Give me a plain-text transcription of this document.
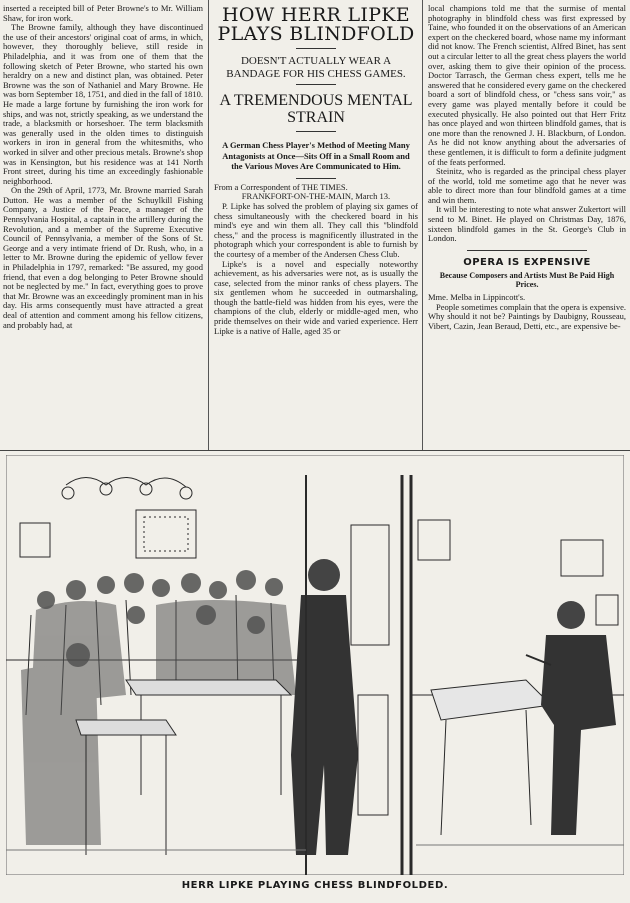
inserted a receipted bill of Peter Browne's to Mr. William Shaw, for iron work.

The Browne family, although they have discontinued the use of their ancestors' original coat of arms, in which, however, they thoroughly believe, still reside in Philadelphia, and it was from one of them that the following sketch of Peter Browne, who started his own heraldry on a new and distinct plan, was obtained. Peter Browne was the son of Nathaniel and Mary Browne. He was born September 18, 1751, and died in the fall of 1810. He made a large fortune by furnishing the iron work for ships, and was not, strictly speaking, as we understand the trade, a blacksmith or horseshoer. The term blacksmith was generally used in the olden times to distinguish workers in iron in general from the whitesmiths, who worked in silver and other precious metals. Browne's shop was in Kensington, but his residence was at 141 North Front street, during his time an exceedingly fashionable neighborhood.

On the 29th of April, 1773, Mr. Browne married Sarah Dutton. He was a member of the Schuylkill Fishing Company, a Justice of the Peace, a manager of the Pennsylvania Hospital, a captain in the artillery during the Revolution, and a member of the Supreme Executive Council of Pennsylvania, a member of the Sons of St. George and a very intimate friend of Dr. Rush, who, in a letter to Mr. Browne during the epidemic of yellow fever in Philadelphia in 1797, remarked: "Be assured, my good friend, that even a dog belonging to Peter Browne should not be neglected by me." In fact, everything goes to prove that Mr. Browne was an exceedingly prominent man in his day. His arms consequently must have attracted a great deal of attention and comment among his fellow citizens, and probably had, at

HOW HERR LIPKE PLAYS BLINDFOLD
DOESN'T ACTUALLY WEAR A BANDAGE FOR HIS CHESS GAMES.
A TREMENDOUS MENTAL STRAIN
A German Chess Player's Method of Meeting Many Antagonists at Once—Sits Off in a Small Room and the Various Moves Are Communicated to Him.

From a Correspondent of THE TIMES.

FRANKFORT-ON-THE-MAIN, March 13.

P. Lipke has solved the problem of playing six games of chess simultaneously with the checkered board in his mind's eye and win them all. They call this "blindfold chess," and the process is magnificently illustrated in the photograph which your correspondent is able to furnish by the courtesy of a member of the Andersen Chess Club.

Lipke's is a novel and especially noteworthy achievement, as his adversaries were not, as is usually the case, selected from the minor ranks of chess players. The six gentlemen whom he succeeded in outmarshaling, though the battle-field was hidden from his eyes, were the champions of the club, elderly or middle-aged men, who pride themselves on their wide and varied experience. Herr Lipke is a native of Halle, aged 35 or

local champions told me that the surmise of mental photography in blindfold chess was first expressed by Taine, who founded it on the observations of an American expert on the checkered board, whose name my informant did not know. The French scientist, Alfred Binet, has sent out a circular letter to all the great chess players the world over, asking them to give their opinion of the process. Doctor Tarrasch, the German chess expert, tells me he answered that he considered every game on the checkered board a sort of blindfold chess, or "chess sans voir," as every game was played mentally before it could be executed physically. He also pointed out that Herr Fritz has once played and won thirteen blindfold games, that is one more than the renowned J. H. Blackburn, of London. As he did not know anything about the adversaries of these gentlemen, it is difficult to form a definite judgment of the feats performed.

Steinitz, who is regarded as the principal chess player of the world, told me sometime ago that he never was able to direct more than four blindfold games at a time and win them.

It will be interesting to note what answer Zukertort will send to M. Binet. He played on Christmas Day, 1876, sixteen blindfold games in the St. George's Club in London.

OPERA IS EXPENSIVE
Because Composers and Artists Must Be Paid High Prices.

Mme. Melba in Lippincott's.

People sometimes complain that the opera is expensive. Why should it not be? Paintings by Daubigny, Rousseau, Vibert, Cazin, Jean Beraud, Detti, etc., are expensive be-

HERR LIPKE PLAYING CHESS BLINDFOLDED.
